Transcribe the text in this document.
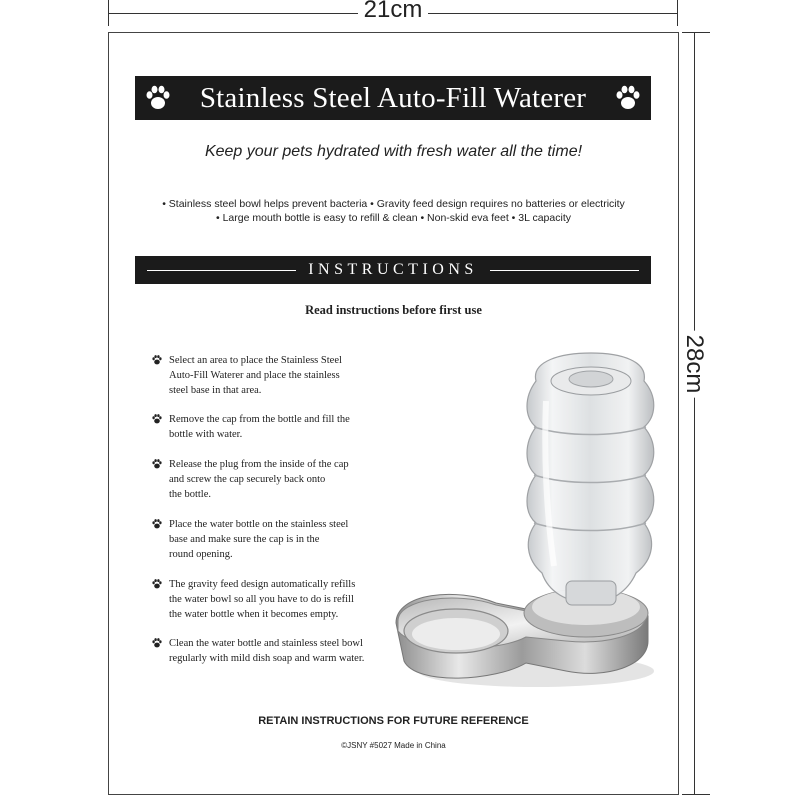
21cm
28cm
Stainless Steel Auto-Fill Waterer
Keep your pets hydrated with fresh water all the time!
• Stainless steel bowl helps prevent bacteria • Gravity feed design requires no batteries or electricity
• Large mouth bottle is easy to refill & clean • Non-skid eva feet • 3L capacity
INSTRUCTIONS
Read instructions before first use
Select an area to place the Stainless Steel
Auto-Fill Waterer and place the stainless
steel base in that area.
Remove the cap from the bottle and fill the
bottle with water.
Release the plug from the inside of the cap
and screw the cap securely back onto
the bottle.
Place the water bottle on the stainless steel
base and make sure the cap is in the
round opening.
The gravity feed design automatically refills
the water bowl so all you have to do is refill
the water bottle when it becomes empty.
Clean the water bottle and stainless steel bowl
regularly with mild dish soap and warm water.
RETAIN INSTRUCTIONS FOR FUTURE REFERENCE
©JSNY #5027 Made in China
